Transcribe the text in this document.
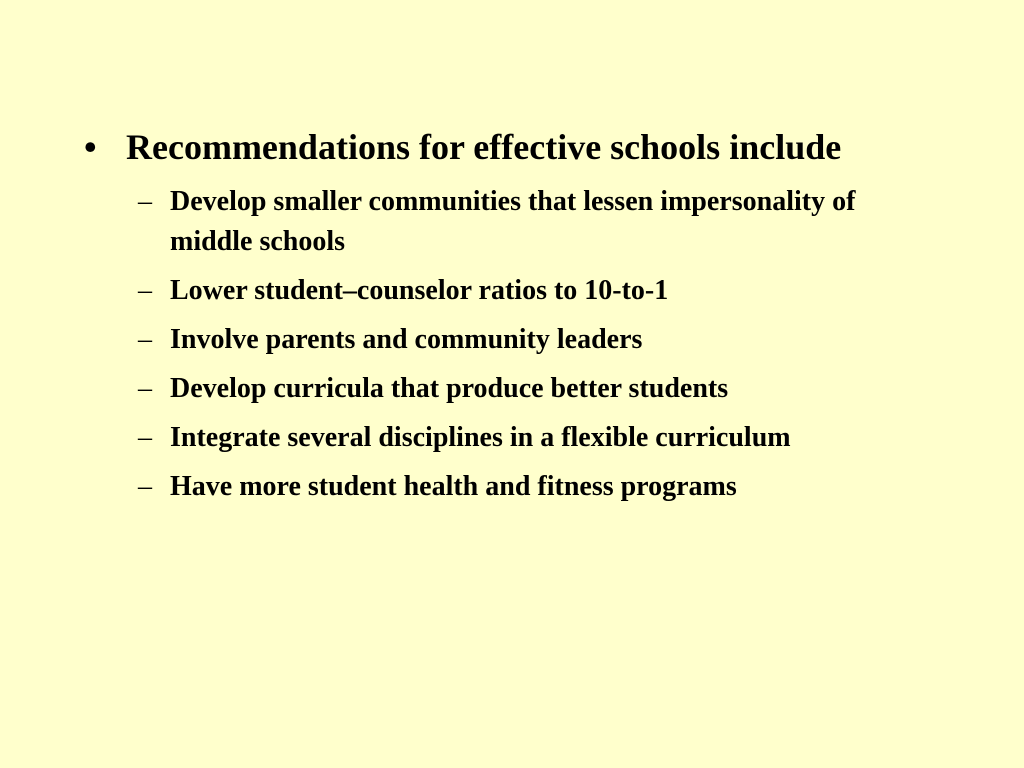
• Recommendations for effective schools include
– Develop smaller communities that lessen impersonality of middle schools
– Lower student–counselor ratios to 10-to-1
– Involve parents and community leaders
– Develop curricula that produce better students
– Integrate several disciplines in a flexible curriculum
– Have more student health and fitness programs
